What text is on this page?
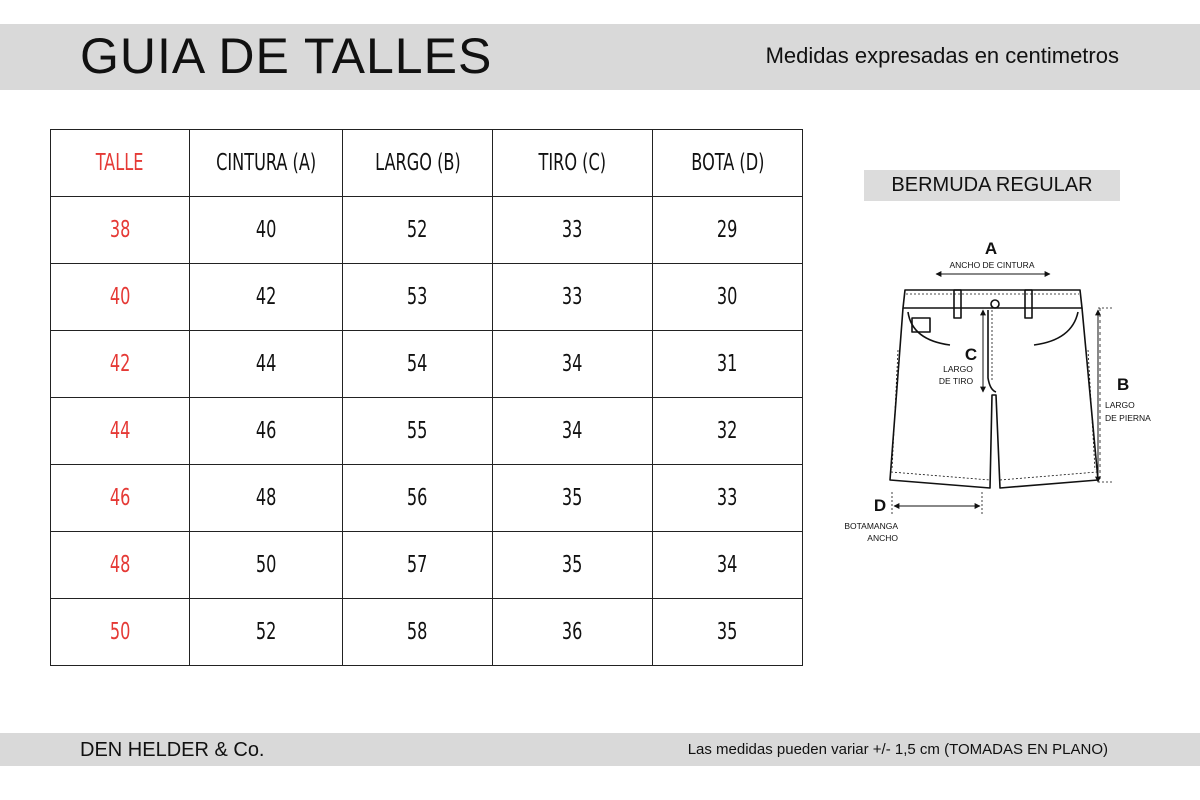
GUIA DE TALLES	Medidas expresadas en centimetros
TALLE	CINTURA (A)	LARGO (B)	TIRO (C)	BOTA (D)
38	40	52	33	29
40	42	53	33	30
42	44	54	34	31
44	46	55	34	32
46	48	56	35	33
48	50	57	35	34
50	52	58	36	35
BERMUDA REGULAR
A
ANCHO DE CINTURA
C
LARGO
DE TIRO	B
LARGO
DE PIERNA
D
BOTAMANGA
ANCHO
DEN HELDER & Co.	Las medidas pueden variar +/- 1,5 cm (TOMADAS EN PLANO)
